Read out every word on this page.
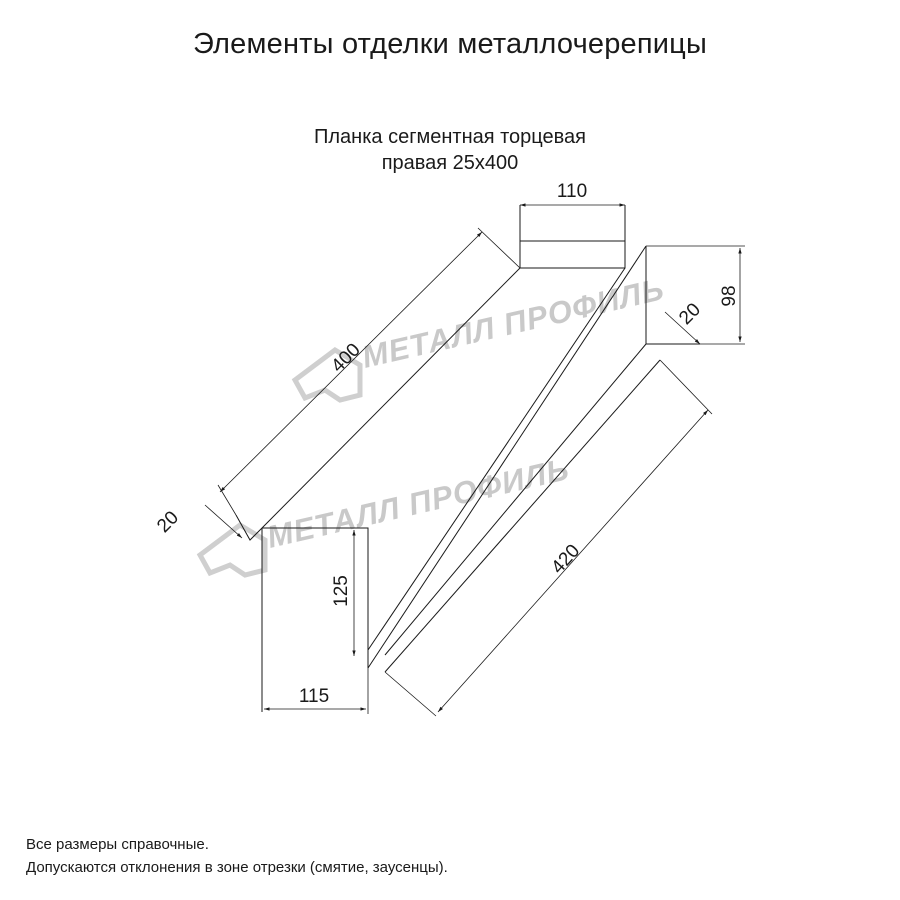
Элементы отделки металлочерепицы
Планка сегментная торцевая
правая 25х400
МЕТАЛЛ ПРОФИЛЬ
МЕТАЛЛ ПРОФИЛЬ
110
400
98
20
420
20
125
115
Все размеры справочные.
Допускаются отклонения в зоне отрезки (смятие, заусенцы).
